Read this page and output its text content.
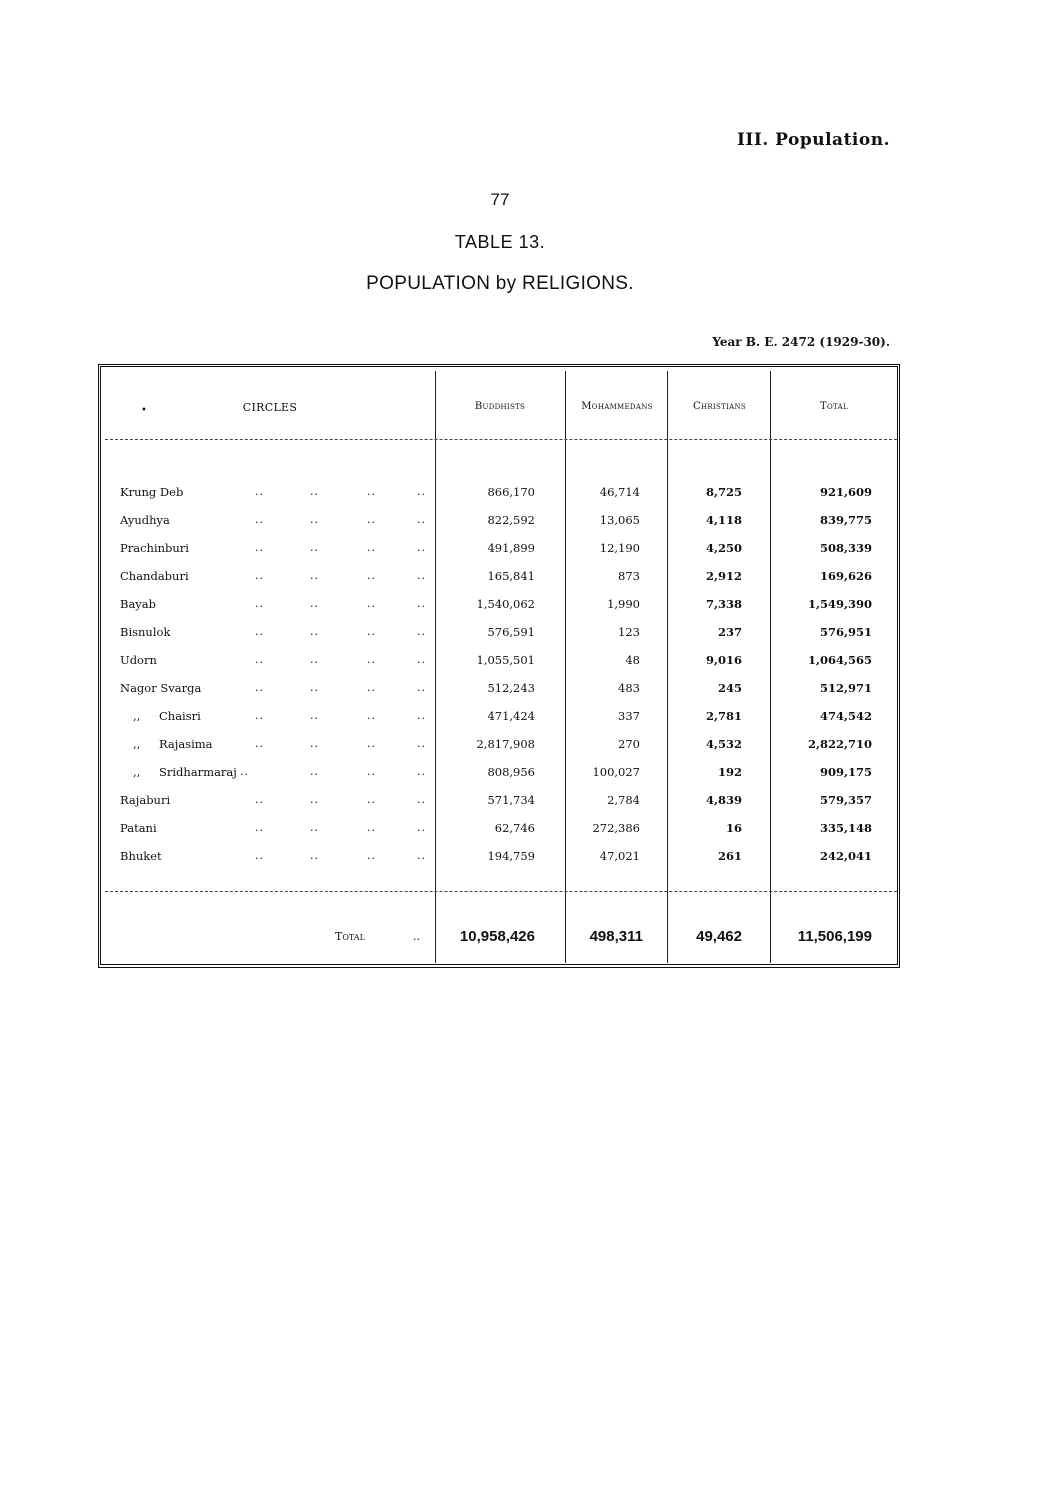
III. Population.
77
TABLE 13.
POPULATION by RELIGIONS.
Year B. E. 2472 (1929-30).
•	CIRCLES	Buddhists	Mohammedans	Christians	Total
Krung Deb	..	..	..	..	866,170	46,714	8,725	921,609
Ayudhya	..	..	..	..	822,592	13,065	4,118	839,775
Prachinburi	..	..	..	..	491,899	12,190	4,250	508,339
Chandaburi	..	..	..	..	165,841	873	2,912	169,626
Bayab	..	..	..	..	1,540,062	1,990	7,338	1,549,390
Bisnulok	..	..	..	..	576,591	123	237	576,951
Udorn	..	..	..	..	1,055,501	48	9,016	1,064,565
Nagor Svarga	..	..	..	..	512,243	483	245	512,971
,, Chaisri	..	..	..	..	471,424	337	2,781	474,542
,, Rajasima	..	..	..	..	2,817,908	270	4,532	2,822,710
,, Sridharmaraj ..	..	..	..	808,956	100,027	192	909,175
Rajaburi	..	..	..	..	571,734	2,784	4,839	579,357
Patani	..	..	..	..	62,746	272,386	16	335,148
Bhuket	..	..	..	..	194,759	47,021	261	242,041
Total	..	10,958,426	498,311	49,462	11,506,199
